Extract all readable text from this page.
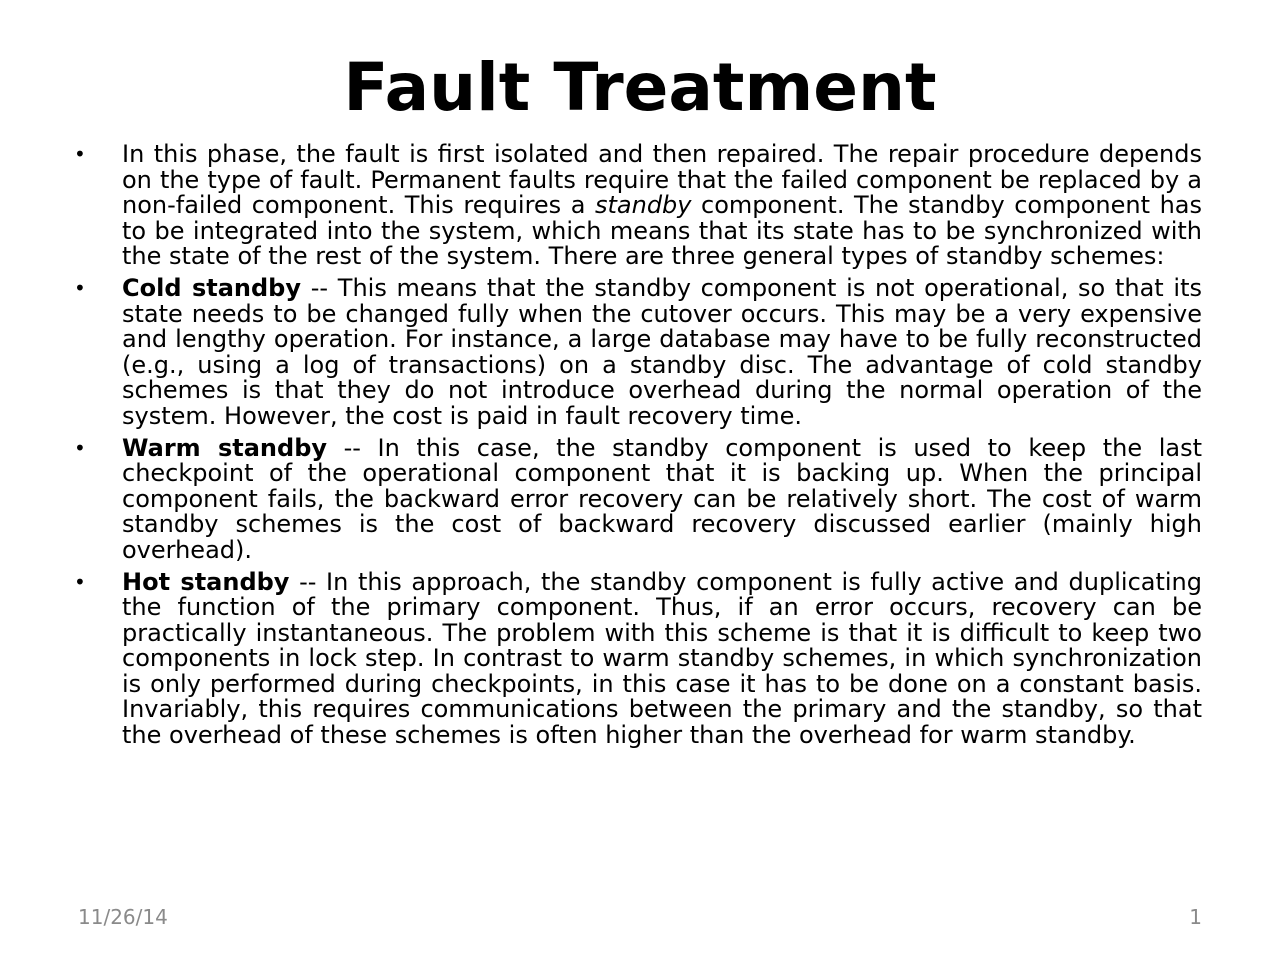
Fault Treatment
• In this phase, the fault is first isolated and then repaired. The repair procedure depends on the type of fault. Permanent faults require that the failed component be replaced by a non-failed component. This requires a standby component. The standby component has to be integrated into the system, which means that its state has to be synchronized with the state of the rest of the system. There are three general types of standby schemes:
• Cold standby -- This means that the standby component is not operational, so that its state needs to be changed fully when the cutover occurs. This may be a very expensive and lengthy operation. For instance, a large database may have to be fully reconstructed (e.g., using a log of transactions) on a standby disc. The advantage of cold standby schemes is that they do not introduce overhead during the normal operation of the system. However, the cost is paid in fault recovery time.
• Warm standby -- In this case, the standby component is used to keep the last checkpoint of the operational component that it is backing up. When the principal component fails, the backward error recovery can be relatively short. The cost of warm standby schemes is the cost of backward recovery discussed earlier (mainly high overhead).
• Hot standby -- In this approach, the standby component is fully active and duplicating the function of the primary component. Thus, if an error occurs, recovery can be practically instantaneous. The problem with this scheme is that it is difficult to keep two components in lock step. In contrast to warm standby schemes, in which synchronization is only performed during checkpoints, in this case it has to be done on a constant basis. Invariably, this requires communications between the primary and the standby, so that the overhead of these schemes is often higher than the overhead for warm standby.
11/26/14	1
